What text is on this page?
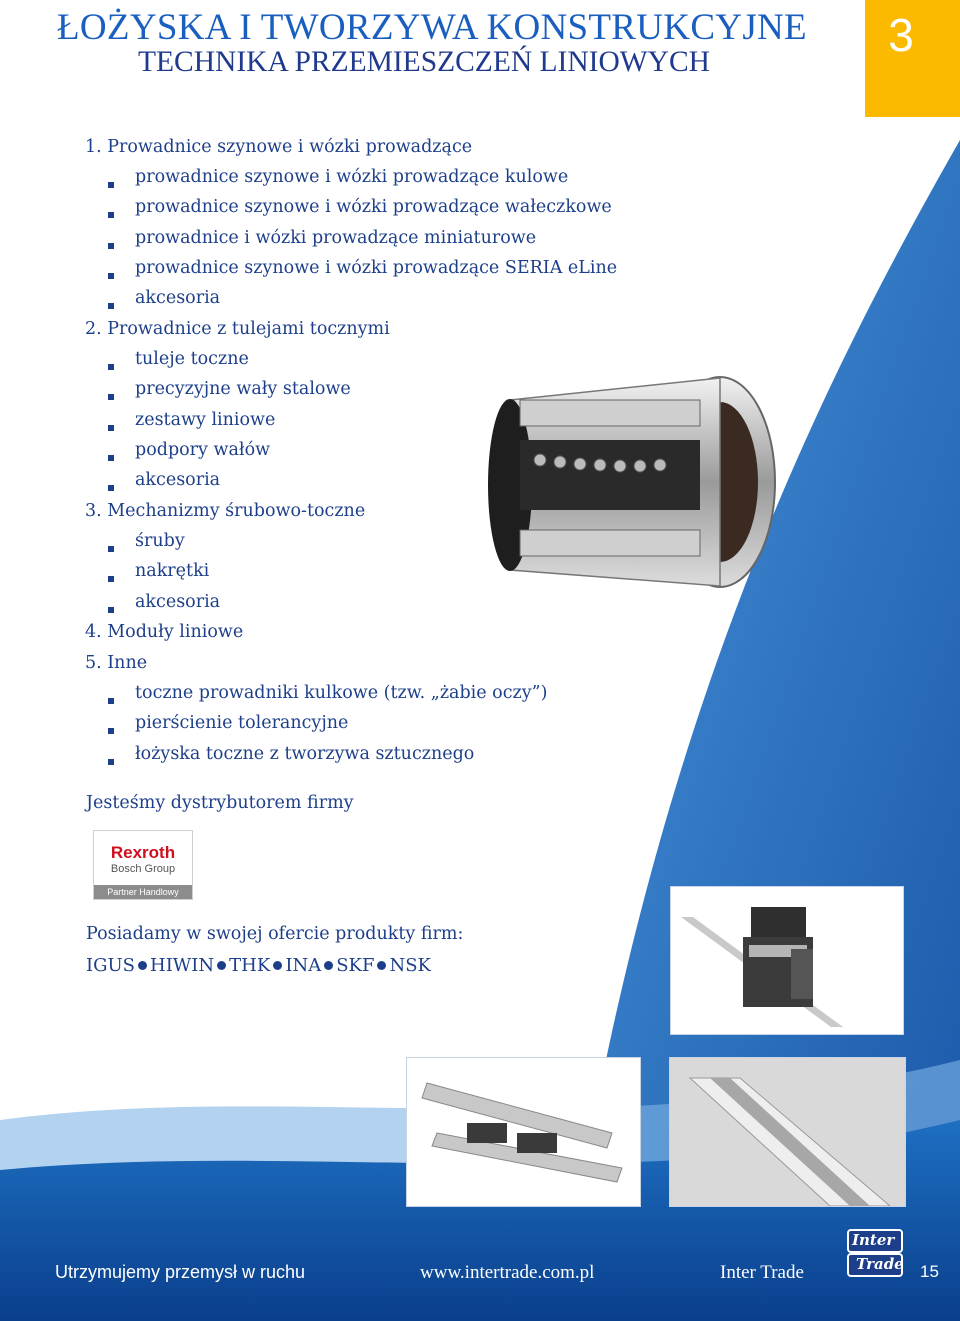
ŁOŻYSKA I TWORZYWA KONSTRUKCYJNE
TECHNIKA PRZEMIESZCZEŃ LINIOWYCH
3
1. Prowadnice szynowe i wózki prowadzące
prowadnice szynowe i wózki prowadzące kulowe
prowadnice szynowe i wózki prowadzące wałeczkowe
prowadnice i wózki prowadzące miniaturowe
prowadnice szynowe i wózki prowadzące SERIA eLine
akcesoria
2. Prowadnice z tulejami tocznymi
tuleje toczne
precyzyjne wały stalowe
zestawy liniowe
podpory wałów
akcesoria
3. Mechanizmy śrubowo-toczne
śruby
nakrętki
akcesoria
4. Moduły liniowe
5. Inne
toczne prowadniki kulkowe (tzw. „żabie oczy”)
pierścienie tolerancyjne
łożyska toczne z tworzywa sztucznego
Jesteśmy dystrybutorem firmy
Rexroth
Bosch Group
Partner Handlowy
Posiadamy w swojej ofercie produkty firm:
IGUS HIWIN THK INA SKF NSK
Utrzymujemy przemysł w ruchu	www.intertrade.com.pl	Inter Trade
Inter
Trade 15
